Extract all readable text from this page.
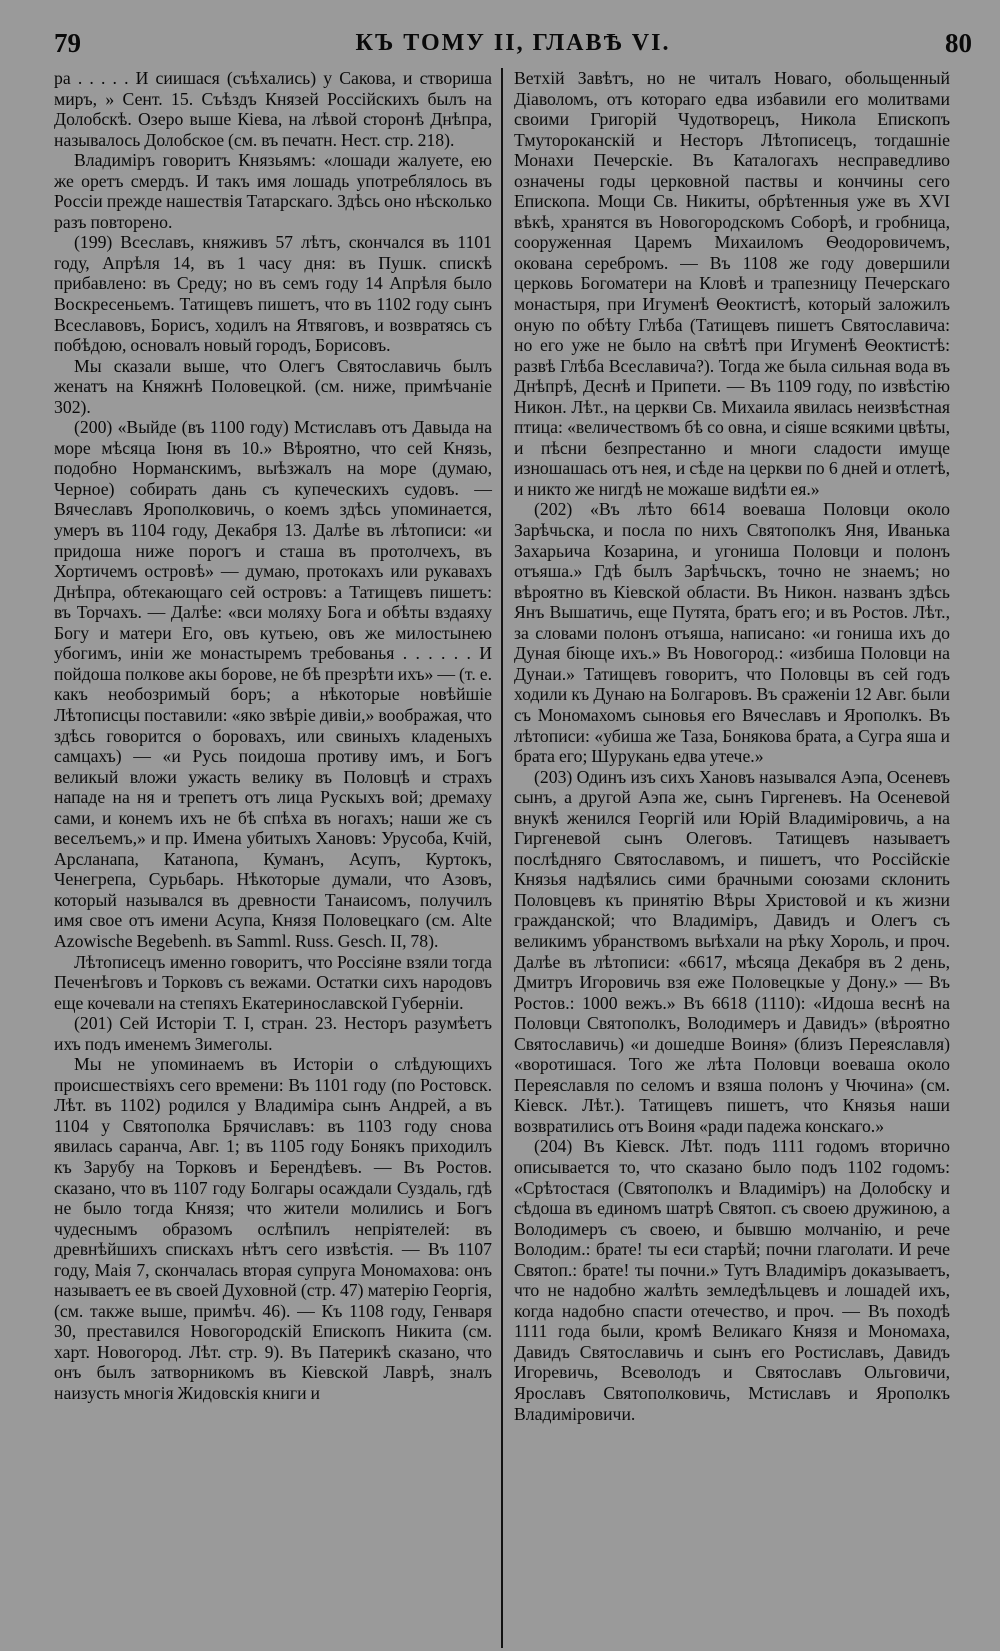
79	КЪ ТОМУ II, ГЛАВѢ VI.	80

ра . . . . . И сиишася (съѣхались) у Сакова, и створиша миръ, » Сент. 15. Съѣздъ Князей Россійскихъ былъ на Долобскѣ. Озеро выше Кіева, на лѣвой сторонѣ Днѣпра, называлось Долобское (см. въ печатн. Нест. стр. 218).

Владиміръ говоритъ Князьямъ: «лошади жалуете, ею же оретъ смердъ. И такъ имя лошадь употреблялось въ Россіи прежде нашествія Татарскаго. Здѣсь оно нѣсколько разъ повторено.

(199) Всеславъ, княживъ 57 лѣтъ, скончался въ 1101 году, Апрѣля 14, въ 1 часу дня: въ Пушк. спискѣ прибавлено: въ Среду; но въ семъ году 14 Апрѣля было Воскресеньемъ. Татищевъ пишетъ, что въ 1102 году сынъ Всеславовъ, Борисъ, ходилъ на Ятвяговъ, и возвратясь съ побѣдою, основалъ новый городъ, Борисовъ.

Мы сказали выше, что Олегъ Святославичь былъ женатъ на Княжнѣ Половецкой. (см. ниже, примѣчаніе 302).

(200) «Выйде (въ 1100 году) Мстиславъ отъ Давыда на море мѣсяца Іюня въ 10.» Вѣроятно, что сей Князь, подобно Норманскимъ, выѣзжалъ на море (думаю, Черное) собирать дань съ купеческихъ судовъ. — Вячеславъ Ярополковичь, о коемъ здѣсь упоминается, умеръ въ 1104 году, Декабря 13. Далѣе въ лѣтописи: «и придоша ниже порогъ и сташа въ протолчехъ, въ Хортичемъ островѣ» — думаю, протокахъ или рукавахъ Днѣпра, обтекающаго сей островъ: а Татищевъ пишетъ: въ Торчахъ. — Далѣе: «вси моляху Бога и обѣты вздаяху Богу и матери Его, овъ кутьею, овъ же милостынею убогимъ, иніи же монастыремъ требованья . . . . . . И пойдоша полкове акы борове, не бѣ презрѣти ихъ» — (т. е. какъ необозримый боръ; а нѣкоторые новѣйшіе Лѣтописцы поставили: «яко звѣріе дивіи,» воображая, что здѣсь говорится о боровахъ, или свиныхъ кладеныхъ самцахъ) — «и Русь поидоша противу имъ, и Богъ великый вложи ужасть велику въ Половцѣ и страхъ нападе на ня и трепетъ отъ лица Рускыхъ вой; дремаху сами, и конемъ ихъ не бѣ спѣха въ ногахъ; наши же съ веселъемъ,» и пр. Имена убитыхъ Хановъ: Урусоба, Кчій, Арсланапа, Катанопа, Куманъ, Асупъ, Куртокъ, Ченегрепа, Сурьбарь. Нѣкоторые думали, что Азовъ, который назывался въ древности Танаисомъ, получилъ имя свое отъ имени Асупа, Князя Половецкаго (см. Alte Azowische Begebenh. въ Samml. Russ. Gesch. II, 78).

Лѣтописецъ именно говоритъ, что Россіяне взяли тогда Печенѣговъ и Торковъ съ вежами. Остатки сихъ народовъ еще кочевали на степяхъ Екатеринославской Губерніи.

(201) Сей Исторіи Т. I, стран. 23. Несторъ разумѣетъ ихъ подъ именемъ Зимеголы.

Мы не упоминаемъ въ Исторіи о слѣдующихъ происшествіяхъ сего времени: Въ 1101 году (по Ростовск. Лѣт. въ 1102) родился у Владиміра сынъ Андрей, а въ 1104 у Святополка Брячиславъ: въ 1103 году снова явилась саранча, Авг. 1; въ 1105 году Бонякъ приходилъ къ Зарубу на Торковъ и Берендѣевъ. — Въ Ростов. сказано, что въ 1107 году Болгары осаждали Суздаль, гдѣ не было тогда Князя; что жители молились и Богъ чудеснымъ образомъ ослѣпилъ непріятелей: въ древнѣйшихъ спискахъ нѣтъ сего извѣстія. — Въ 1107 году, Маія 7, скончалась вторая супруга Мономахова: онъ называетъ ее въ своей Духовной (стр. 47) матерію Георгія, (см. также выше, примѣч. 46). — Къ 1108 году, Генваря 30, преставился Новогородскій Епископъ Никита (см. харт. Новогород. Лѣт. стр. 9). Въ Патерикѣ сказано, что онъ былъ затворникомъ въ Кіевской Лаврѣ, зналъ наизусть многія Жидовскія книги и

Ветхій Завѣтъ, но не читалъ Новаго, обольщенный Діаволомъ, отъ котораго едва избавили его молитвами своими Григорій Чудотворецъ, Никола Епископъ Тмутороканскій и Несторъ Лѣтописецъ, тогдашніе Монахи Печерскіе. Въ Каталогахъ несправедливо означены годы церковной паствы и кончины сего Епископа. Мощи Св. Никиты, обрѣтенныя уже въ XVI вѣкѣ, хранятся въ Новогородскомъ Соборѣ, и гробница, сооруженная Царемъ Михаиломъ Ѳеодоровичемъ, окована серебромъ. — Въ 1108 же году довершили церковь Богоматери на Кловѣ и трапезницу Печерскаго монастыря, при Игуменѣ Ѳеоктистѣ, который заложилъ оную по обѣту Глѣба (Татищевъ пишетъ Святославича: но его уже не было на свѣтѣ при Игуменѣ Ѳеоктистѣ: развѣ Глѣба Всеславича?). Тогда же была сильная вода въ Днѣпрѣ, Деснѣ и Припети. — Въ 1109 году, по извѣстію Никон. Лѣт., на церкви Св. Михаила явилась неизвѣстная птица: «величествомъ бѣ со овна, и сіяше всякими цвѣты, и пѣсни безпрестанно и многи сладости имуще изношашась отъ нея, и сѣде на церкви по 6 дней и отлетѣ, и никто же нигдѣ не можаше видѣти ея.»

(202) «Въ лѣто 6614 воеваша Половци около Зарѣчьска, и посла по нихъ Святополкъ Яня, Иванька Захарьича Козарина, и угониша Половци и полонъ отъяша.» Гдѣ былъ Зарѣчьскъ, точно не знаемъ; но вѣроятно въ Кіевской области. Въ Никон. названъ здѣсь Янъ Вышатичь, еще Путята, братъ его; и въ Ростов. Лѣт., за словами полонъ отъяша, написано: «и гониша ихъ до Дуная біюще ихъ.» Въ Новогород.: «избиша Половци на Дунаи.» Татищевъ говоритъ, что Половцы въ сей годъ ходили къ Дунаю на Болгаровъ. Въ сраженіи 12 Авг. были съ Мономахомъ сыновья его Вячеславъ и Ярополкъ. Въ лѣтописи: «убиша же Таза, Бонякова брата, а Сугра яша и брата его; Шурукань едва утече.»

(203) Одинъ изъ сихъ Хановъ назывался Аэпа, Осеневъ сынъ, а другой Аэпа же, сынъ Гиргеневъ. На Осеневой внукѣ женился Георгій или Юрій Владиміровичь, а на Гиргеневой сынъ Олеговъ. Татищевъ называетъ послѣдняго Святославомъ, и пишетъ, что Россійскіе Князья надѣялись сими брачными союзами склонить Половцевъ къ принятію Вѣры Христовой и къ жизни гражданской; что Владиміръ, Давидъ и Олегъ съ великимъ убранствомъ выѣхали на рѣку Хороль, и проч. Далѣе въ лѣтописи: «6617, мѣсяца Декабря въ 2 день, Дмитръ Игоровичь взя еже Половецкые у Дону.» — Въ Ростов.: 1000 вежъ.» Въ 6618 (1110): «Идоша веснѣ на Половци Святополкъ, Володимеръ и Давидъ» (вѣроятно Святославичь) «и дошедше Воиня» (близъ Переяславля) «воротишася. Того же лѣта Половци воеваша около Переяславля по селомъ и взяша полонъ у Чючина» (см. Кіевск. Лѣт.). Татищевъ пишетъ, что Князья наши возвратились отъ Воиня «ради падежа конскаго.»

(204) Въ Кіевск. Лѣт. подъ 1111 годомъ вторично описывается то, что сказано было подъ 1102 годомъ: «Срѣтостася (Святополкъ и Владиміръ) на Долобску и сѣдоша въ единомъ шатрѣ Святоп. съ своею дружиною, а Володимеръ съ своею, и бывшю молчанію, и рече Володим.: брате! ты еси старѣй; почни глаголати. И рече Святоп.: брате! ты почни.» Тутъ Владиміръ доказываетъ, что не надобно жалѣть земледѣльцевъ и лошадей ихъ, когда надобно спасти отечество, и проч. — Въ походѣ 1111 года были, кромѣ Великаго Князя и Мономаха, Давидъ Святославичь и сынъ его Ростиславъ, Давидъ Игоревичь, Всеволодъ и Святославъ Ольговичи, Ярославъ Святополковичь, Мстиславъ и Ярополкъ Владиміровичи.
